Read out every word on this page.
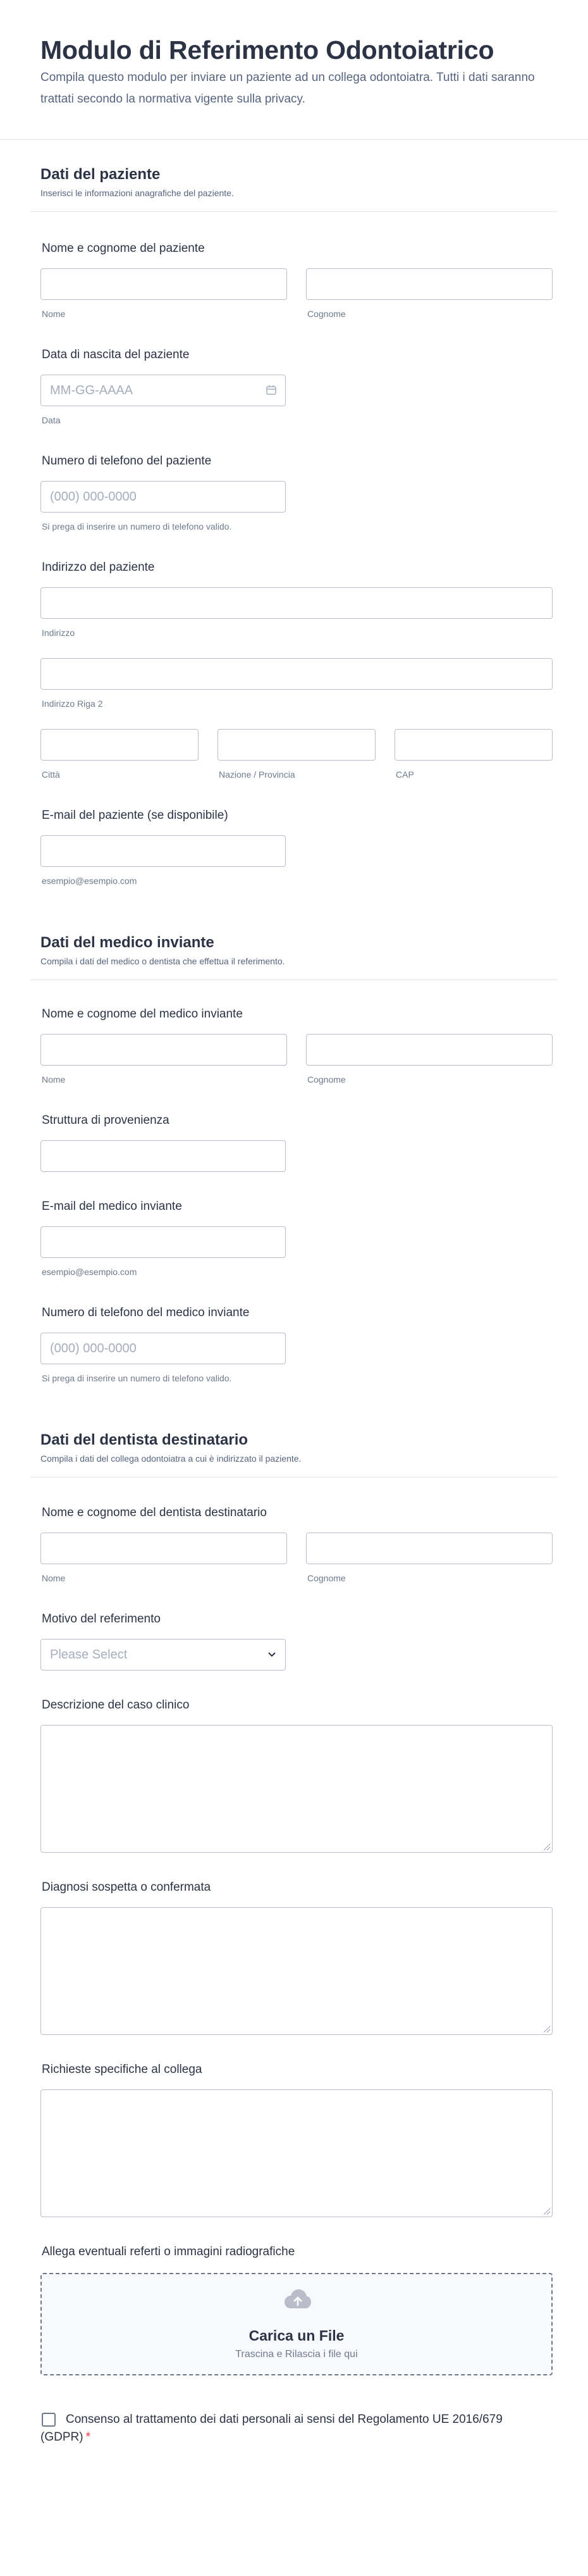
Modulo di Referimento Odontoiatrico
Compila questo modulo per inviare un paziente ad un collega odontoiatra. Tutti i dati saranno trattati secondo la normativa vigente sulla privacy.
Dati del paziente
Inserisci le informazioni anagrafiche del paziente.
Nome e cognome del paziente
Nome	Cognome
Data di nascita del paziente
MM-GG-AAAA
Data
Numero di telefono del paziente
(000) 000-0000
Si prega di inserire un numero di telefono valido.
Indirizzo del paziente
Indirizzo
Indirizzo Riga 2
Città	Nazione / Provincia	CAP
E-mail del paziente (se disponibile)
esempio@esempio.com
Dati del medico inviante
Compila i dati del medico o dentista che effettua il referimento.
Nome e cognome del medico inviante
Nome	Cognome
Struttura di provenienza
E-mail del medico inviante
esempio@esempio.com
Numero di telefono del medico inviante
(000) 000-0000
Si prega di inserire un numero di telefono valido.
Dati del dentista destinatario
Compila i dati del collega odontoiatra a cui è indirizzato il paziente.
Nome e cognome del dentista destinatario
Nome	Cognome
Motivo del referimento
Please Select
Descrizione del caso clinico
Diagnosi sospetta o confermata
Richieste specifiche al collega
Allega eventuali referti o immagini radiografiche
Carica un File
Trascina e Rilascia i file qui
Consenso al trattamento dei dati personali ai sensi del Regolamento UE 2016/679 (GDPR) *
